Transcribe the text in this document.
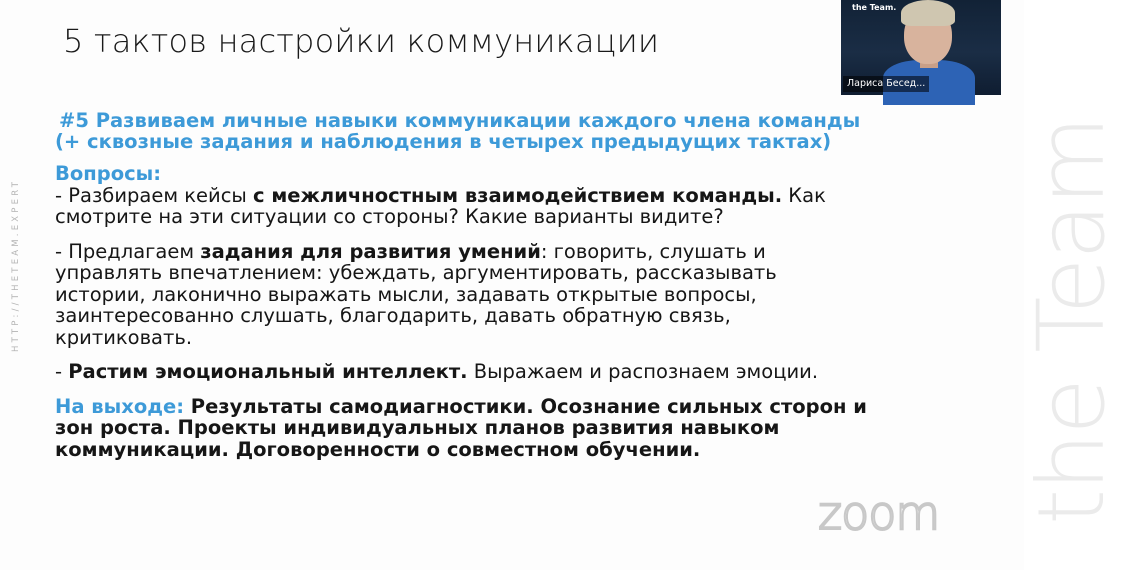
5 тактов настройки коммуникации
HTTP://THETEAM.EXPERT	the Team
#5 Развиваем личные навыки коммуникации каждого члена команды
(+ сквозные задания и наблюдения в четырех предыдущих тактах)
Вопросы:
- Разбираем кейсы с межличностным взаимодействием команды. Как
смотрите на эти ситуации со стороны? Какие варианты видите?
- Предлагаем задания для развития умений: говорить, слушать и
управлять впечатлением: убеждать, аргументировать, рассказывать
истории, лаконично выражать мысли, задавать открытые вопросы,
заинтересованно слушать, благодарить, давать обратную связь,
критиковать.
- Растим эмоциональный интеллект. Выражаем и распознаем эмоции.
На выходе: Результаты самодиагностики. Осознание сильных сторон и
зон роста. Проекты индивидуальных планов развития навыком
коммуникации. Договоренности о совместном обучении.
zoom
the Team.
Лариса Бесед...
